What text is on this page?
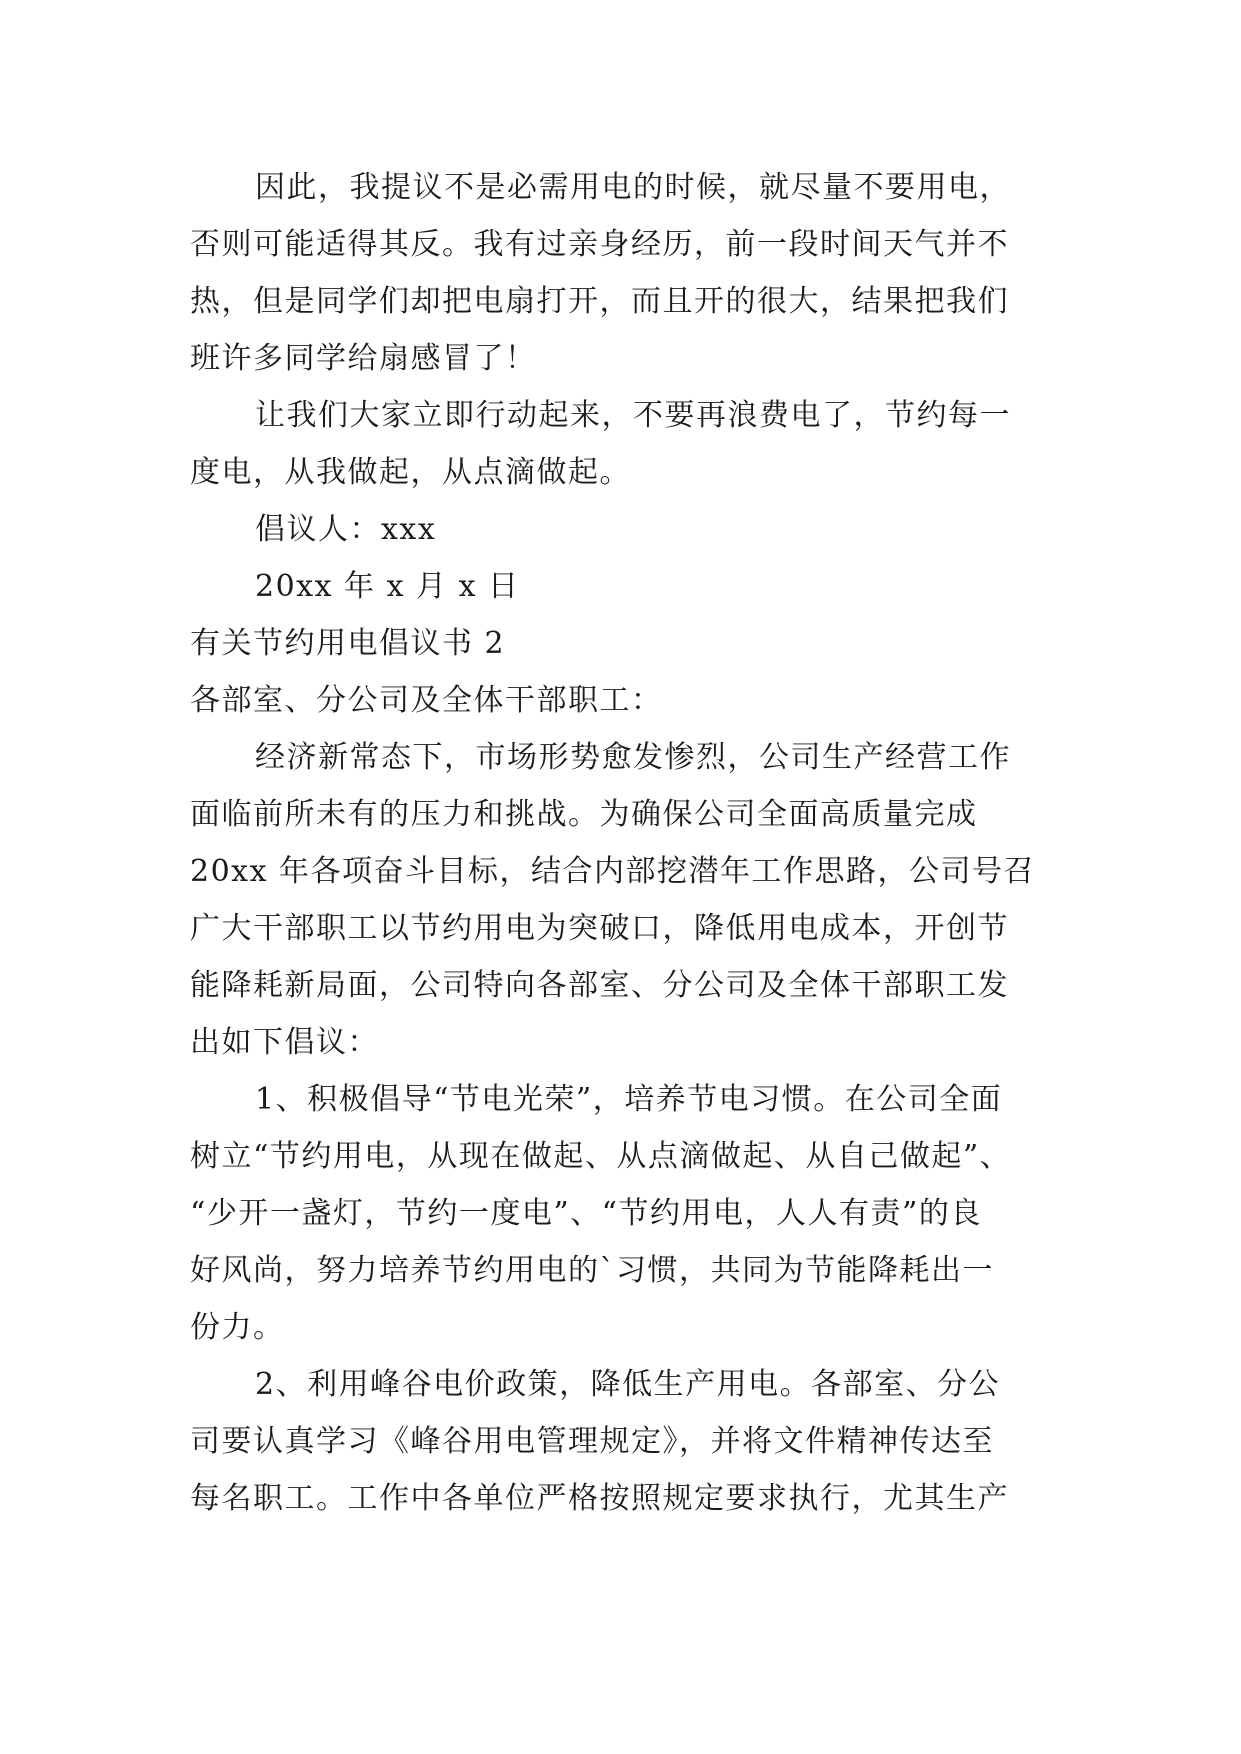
因此，我提议不是必需用电的时候，就尽量不要用电，
否则可能适得其反。我有过亲身经历，前一段时间天气并不
热，但是同学们却把电扇打开，而且开的很大，结果把我们
班许多同学给扇感冒了！
让我们大家立即行动起来，不要再浪费电了，节约每一
度电，从我做起，从点滴做起。
倡议人：xxx
20xx 年 x 月 x 日
有关节约用电倡议书 2
各部室、分公司及全体干部职工：
经济新常态下，市场形势愈发惨烈，公司生产经营工作
面临前所未有的压力和挑战。为确保公司全面高质量完成
20xx 年各项奋斗目标，结合内部挖潜年工作思路，公司号召
广大干部职工以节约用电为突破口，降低用电成本，开创节
能降耗新局面，公司特向各部室、分公司及全体干部职工发
出如下倡议：
1、积极倡导“节电光荣”，培养节电习惯。在公司全面
树立“节约用电，从现在做起、从点滴做起、从自己做起”、
“少开一盏灯，节约一度电”、“节约用电，人人有责”的良
好风尚，努力培养节约用电的`习惯，共同为节能降耗出一
份力。
2、利用峰谷电价政策，降低生产用电。各部室、分公
司要认真学习《峰谷用电管理规定》，并将文件精神传达至
每名职工。工作中各单位严格按照规定要求执行，尤其生产
